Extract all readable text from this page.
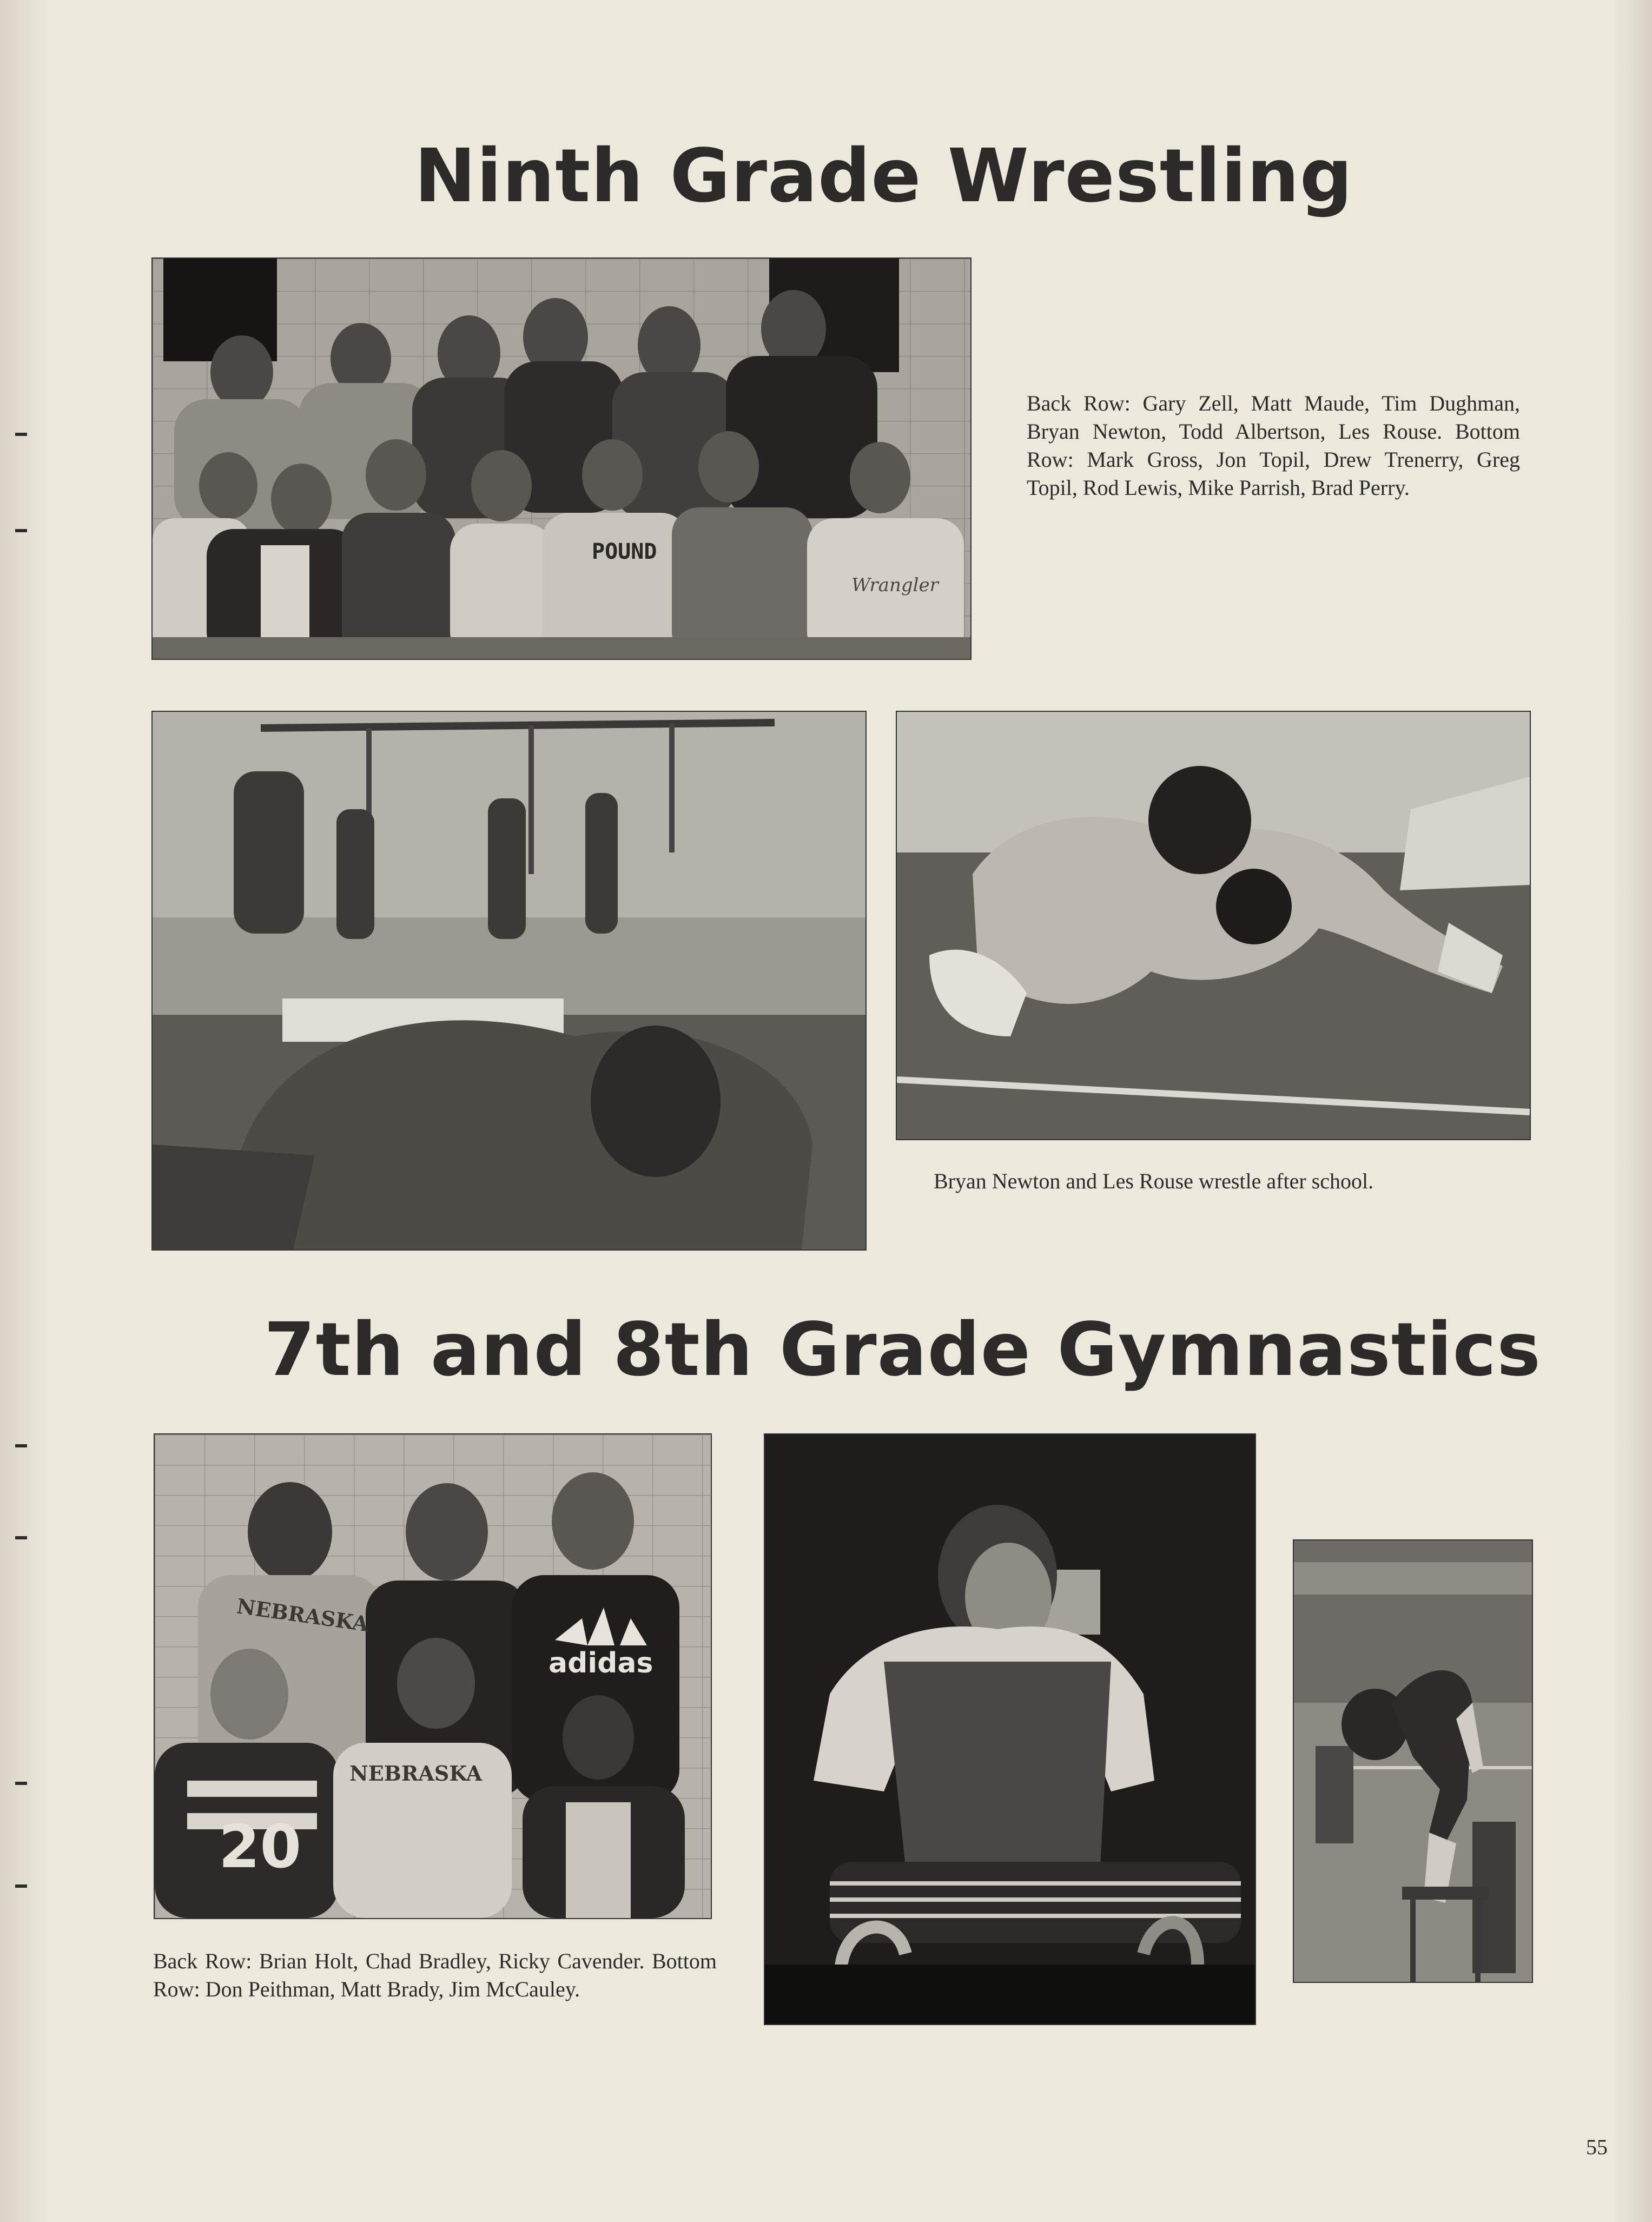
Ninth Grade Wrestling
POUND
Wrangler

Back Row: Gary Zell, Matt Maude, Tim Dughman, Bryan Newton, Todd Albertson, Les Rouse. Bottom Row: Mark Gross, Jon Topil, Drew Trenerry, Greg Topil, Rod Lewis, Mike Parrish, Brad Perry.

Bryan Newton and Les Rouse wrestle after school.

7th and 8th Grade Gymnastics
20
NEBRASKA
NEBRASKA
adidas

Back Row: Brian Holt, Chad Bradley, Ricky Cavender. Bottom Row: Don Peithman, Matt Brady, Jim McCauley.

55
